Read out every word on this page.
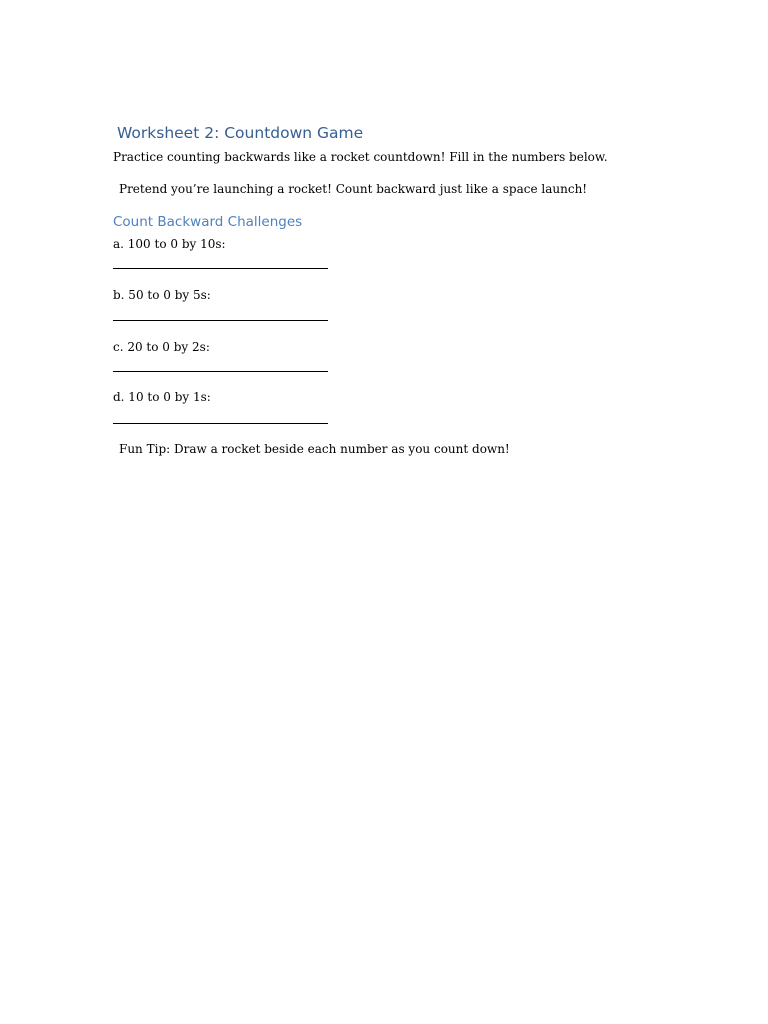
Worksheet 2: Countdown Game

Practice counting backwards like a rocket countdown! Fill in the numbers below.

Pretend you’re launching a rocket! Count backward just like a space launch!

Count Backward Challenges

a. 100 to 0 by 10s:

b. 50 to 0 by 5s:

c. 20 to 0 by 2s:

d. 10 to 0 by 1s:

Fun Tip: Draw a rocket beside each number as you count down!
